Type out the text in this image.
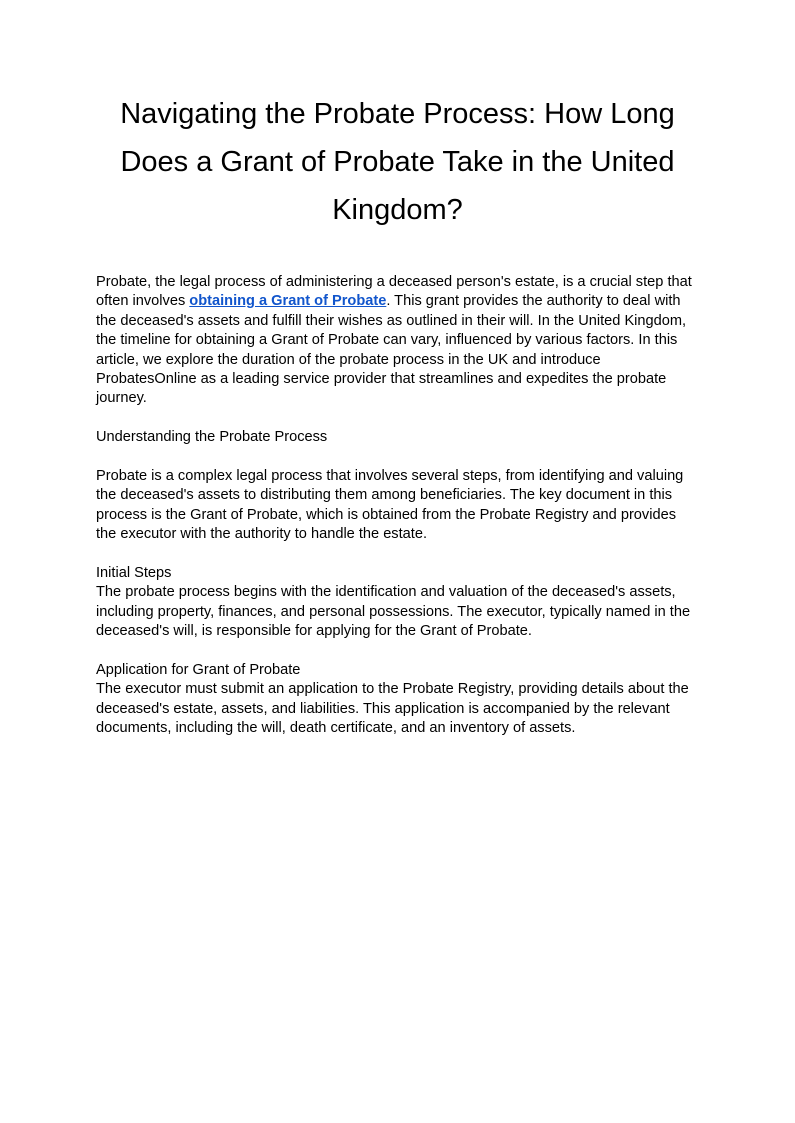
Navigating the Probate Process: How Long Does a Grant of Probate Take in the United Kingdom?

Probate, the legal process of administering a deceased person's estate, is a crucial step that often involves obtaining a Grant of Probate. This grant provides the authority to deal with the deceased's assets and fulfill their wishes as outlined in their will. In the United Kingdom, the timeline for obtaining a Grant of Probate can vary, influenced by various factors. In this article, we explore the duration of the probate process in the UK and introduce ProbatesOnline as a leading service provider that streamlines and expedites the probate journey.

Understanding the Probate Process

Probate is a complex legal process that involves several steps, from identifying and valuing the deceased's assets to distributing them among beneficiaries. The key document in this process is the Grant of Probate, which is obtained from the Probate Registry and provides the executor with the authority to handle the estate.

Initial Steps

The probate process begins with the identification and valuation of the deceased's assets, including property, finances, and personal possessions. The executor, typically named in the deceased's will, is responsible for applying for the Grant of Probate.

Application for Grant of Probate

The executor must submit an application to the Probate Registry, providing details about the deceased's estate, assets, and liabilities. This application is accompanied by the relevant documents, including the will, death certificate, and an inventory of assets.
